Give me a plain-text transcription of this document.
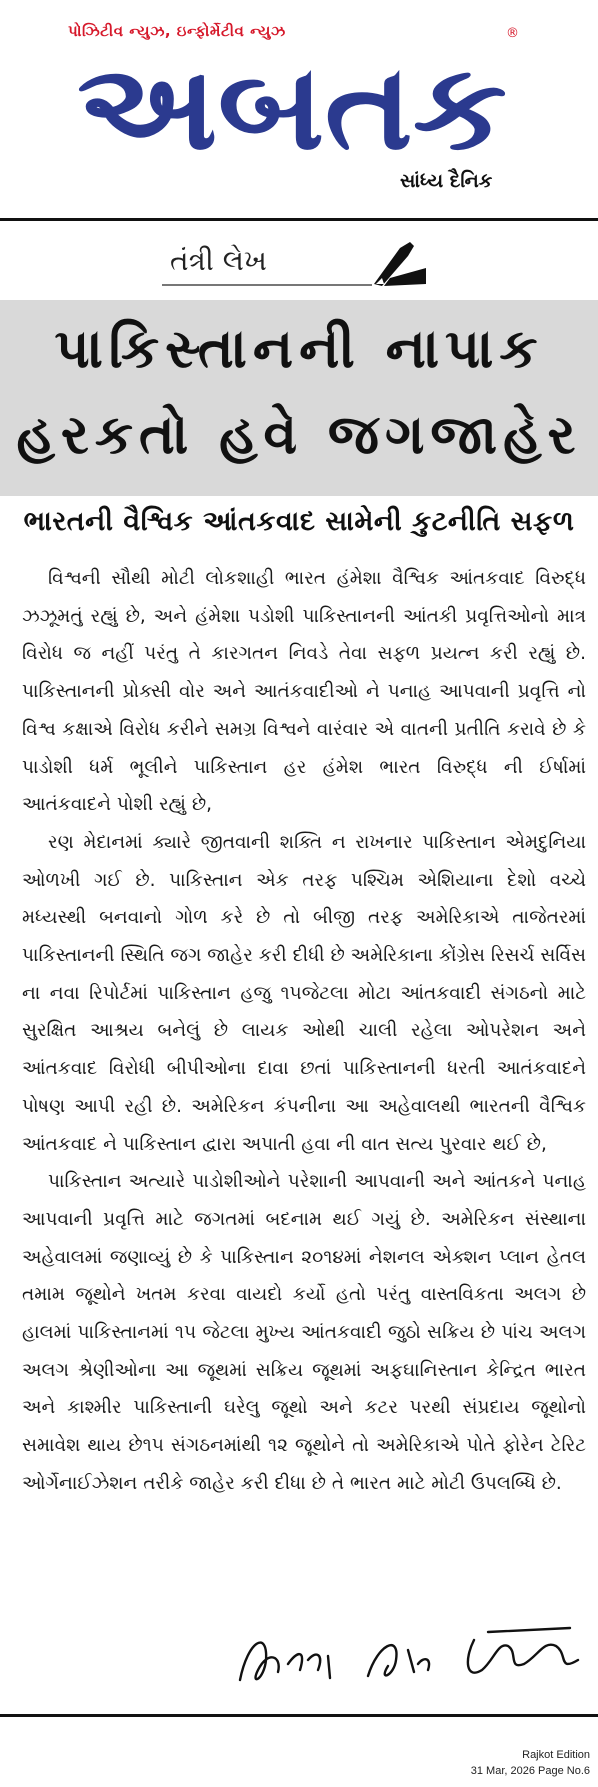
પોઝિટીવ ન્યુઝ, ઇન્ફોર્મેટીવ ન્યુઝ
અબતક
®
સાંધ્ય દૈનિક
તંત્રી લેખ
પાકિસ્તાનની નાપાક
હરકતો હવે જગજાહેર
ભારતની વૈશ્વિક આંતકવાદ સામેની કુટનીતિ સફળ

વિશ્વની સૌથી મોટી લોકશાહી ભારત હંમેશા વૈશ્વિક આંતકવાદ વિરુદ્ધ ઝઝૂમતું રહ્યું છે, અને હંમેશા પડોશી પાકિસ્તાનની આંતકી પ્રવૃત્તિઓનો માત્ર વિરોધ જ નહીં પરંતુ તે કારગતન નિવડે તેવા સફળ પ્રયત્ન કરી રહ્યું છે. પાકિસ્તાનની પ્રોક્સી વોર અને આતંકવાદીઓ ને પનાહ આપવાની પ્રવૃત્તિ નો વિશ્વ કક્ષાએ વિરોધ કરીને સમગ્ર વિશ્વને વારંવાર એ વાતની પ્રતીતિ કરાવે છે કે પાડોશી ધર્મ ભૂલીને પાકિસ્તાન હર હંમેશ ભારત વિરુદ્ધ ની ઈર્ષામાં આતંકવાદને પોશી રહ્યું છે,

રણ મેદાનમાં ક્યારે જીતવાની શક્તિ ન રાખનાર પાકિસ્તાન એમદુનિયા ઓળખી ગઈ છે. પાકિસ્તાન એક તરફ પશ્ચિમ એશિયાના દેશો વચ્ચે મધ્યસ્થી બનવાનો ગોળ કરે છે તો બીજી તરફ અમેરિકાએ તાજેતરમાં પાકિસ્તાનની સ્થિતિ જગ જાહેર કરી દીધી છે અમેરિકાના કોંગ્રેસ રિસર્ચ સર્વિસ ના નવા રિપોર્ટમાં પાકિસ્તાન હજુ ૧૫જેટલા મોટા આંતકવાદી સંગઠનો માટે સુરક્ષિત આશ્રય બનેલું છે લાયક ઓથી ચાલી રહેલા ઓપરેશન અને આંતકવાદ વિરોધી બીપીઓના દાવા છતાં પાકિસ્તાનની ધરતી આતંકવાદને પોષણ આપી રહી છે. અમેરિકન કંપનીના આ અહેવાલથી ભારતની વૈશ્વિક આંતકવાદ ને પાકિસ્તાન દ્વારા અપાતી હવા ની વાત સત્ય પુરવાર થઈ છે,

પાકિસ્તાન અત્યારે પાડોશીઓને પરેશાની આપવાની અને આંતકને પનાહ આપવાની પ્રવૃત્તિ માટે જગતમાં બદનામ થઈ ગયું છે. અમેરિકન સંસ્થાના અહેવાલમાં જણાવ્યું છે કે પાકિસ્તાન ૨૦૧૪માં નેશનલ એક્શન પ્લાન હેતલ તમામ જૂથોને ખતમ કરવા વાયદો કર્યો હતો પરંતુ વાસ્તવિકતા અલગ છે હાલમાં પાકિસ્તાનમાં ૧૫ જેટલા મુખ્ય આંતકવાદી જુઠો સક્રિય છે પાંચ અલગ અલગ શ્રેણીઓના આ જૂથમાં સક્રિય જૂથમાં અફઘાનિસ્તાન કેન્દ્રિત ભારત અને કાશ્મીર પાકિસ્તાની ઘરેલુ જૂથો અને કટર પરથી સંપ્રદાય જૂથોનો સમાવેશ થાય છે૧૫ સંગઠનમાંથી ૧૨ જૂથોને તો અમેરિકાએ પોતે ફોરેન ટેરિટ ઓર્ગેનાઈઝેશન તરીકે જાહેર કરી દીધા છે તે ભારત માટે મોટી ઉપલબ્ધિ છે.

Rajkot Edition
31 Mar, 2026 Page No.6
